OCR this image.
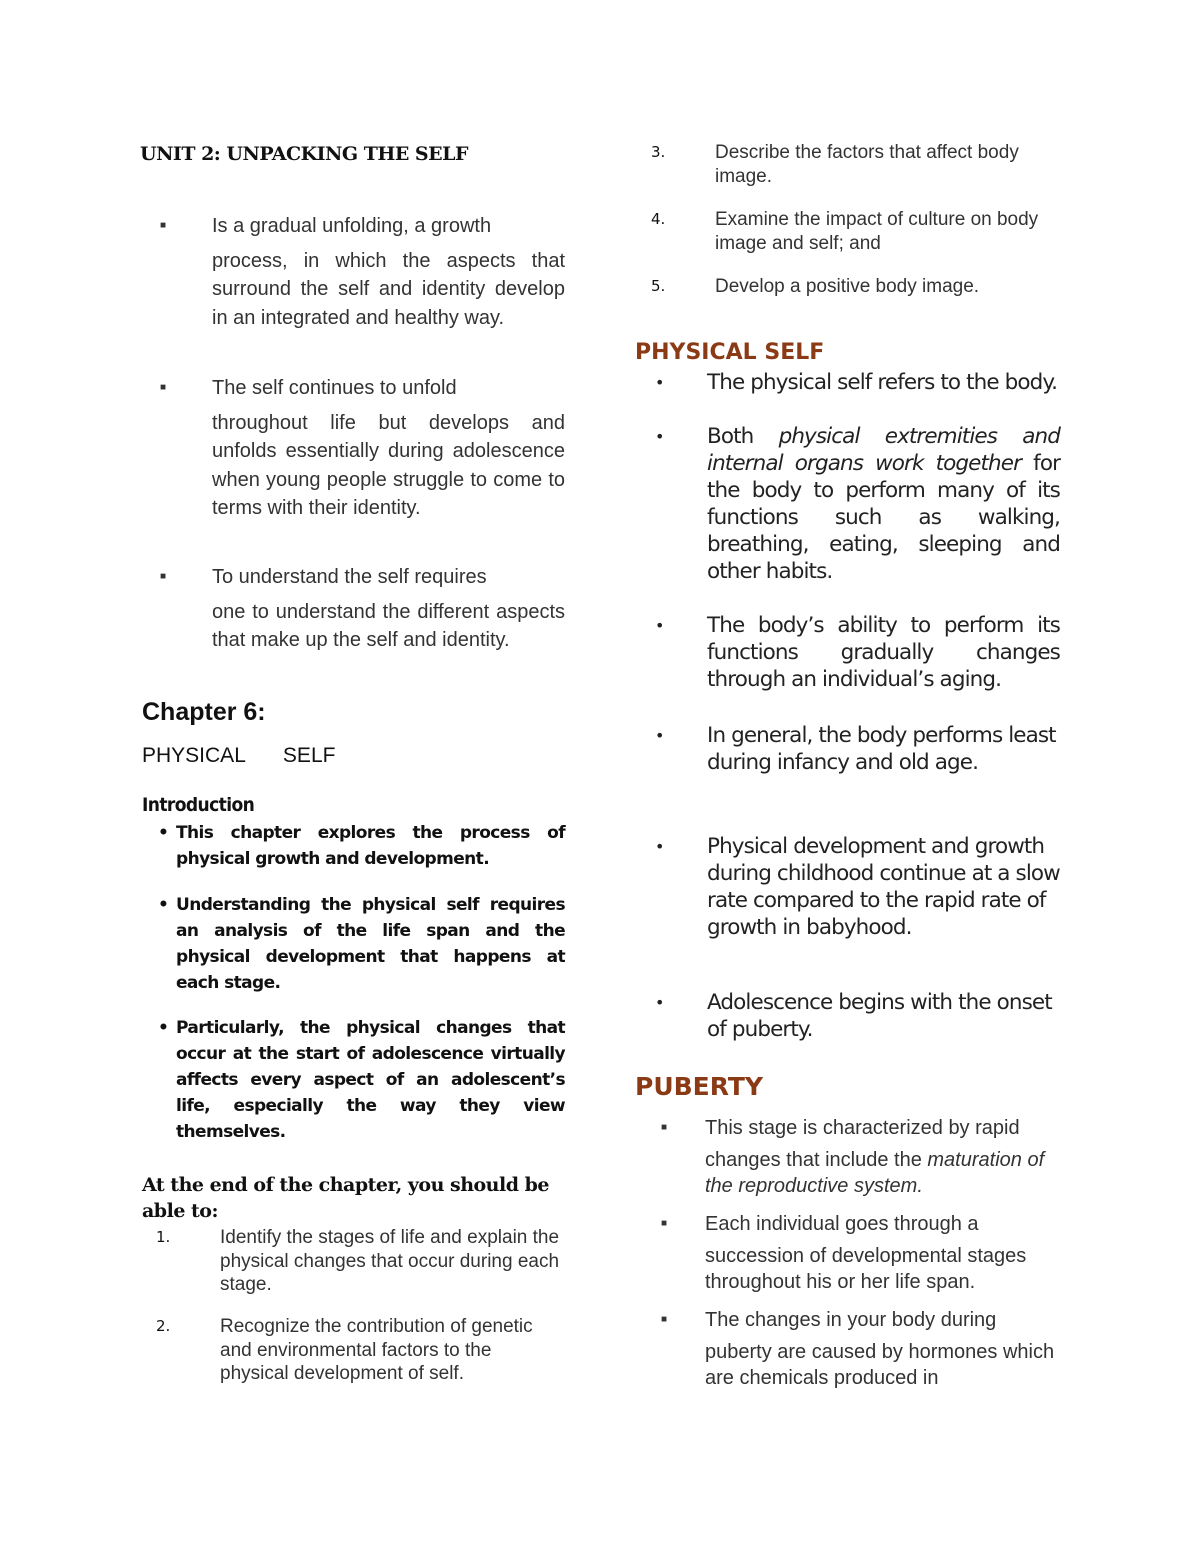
UNIT 2: UNPACKING THE SELF
■ Is a gradual unfolding, a growth
process, in which the aspects that surround the self and identity develop in an integrated and healthy way.
■ The self continues to unfold
throughout life but develops and unfolds essentially during adolescence when young people struggle to come to terms with their identity.
■ To understand the self requires
one to understand the different aspects that make up the self and identity.
Chapter 6:

PHYSICAL SELF

Introduction
• This chapter explores the process of physical growth and development.
• Understanding the physical self requires an analysis of the life span and the physical development that happens at each stage.
• Particularly, the physical changes that occur at the start of adolescence virtually affects every aspect of an adolescent’s life, especially the way they view themselves.
At the end of the chapter, you should be able to:
1.	Identify the stages of life and explain the physical changes that occur during each stage.
2.	Recognize the contribution of genetic and environmental factors to the physical development of self.
3.	Describe the factors that affect body image.
4.	Examine the impact of culture on body image and self; and
5.	Develop a positive body image.
PHYSICAL SELF
• The physical self refers to the body.
• Both physical extremities and internal organs work together for the body to perform many of its functions such as walking, breathing, eating, sleeping and other habits.
• The body’s ability to perform its functions gradually changes through an individual’s aging.
• In general, the body performs least during infancy and old age.
• Physical development and growth during childhood continue at a slow rate compared to the rapid rate of growth in babyhood.
• Adolescence begins with the onset of puberty.
PUBERTY
■ This stage is characterized by rapid
changes that include the maturation of the reproductive system.
■ Each individual goes through a
succession of developmental stages throughout his or her life span.
■ The changes in your body during
puberty are caused by hormones which are chemicals produced in
